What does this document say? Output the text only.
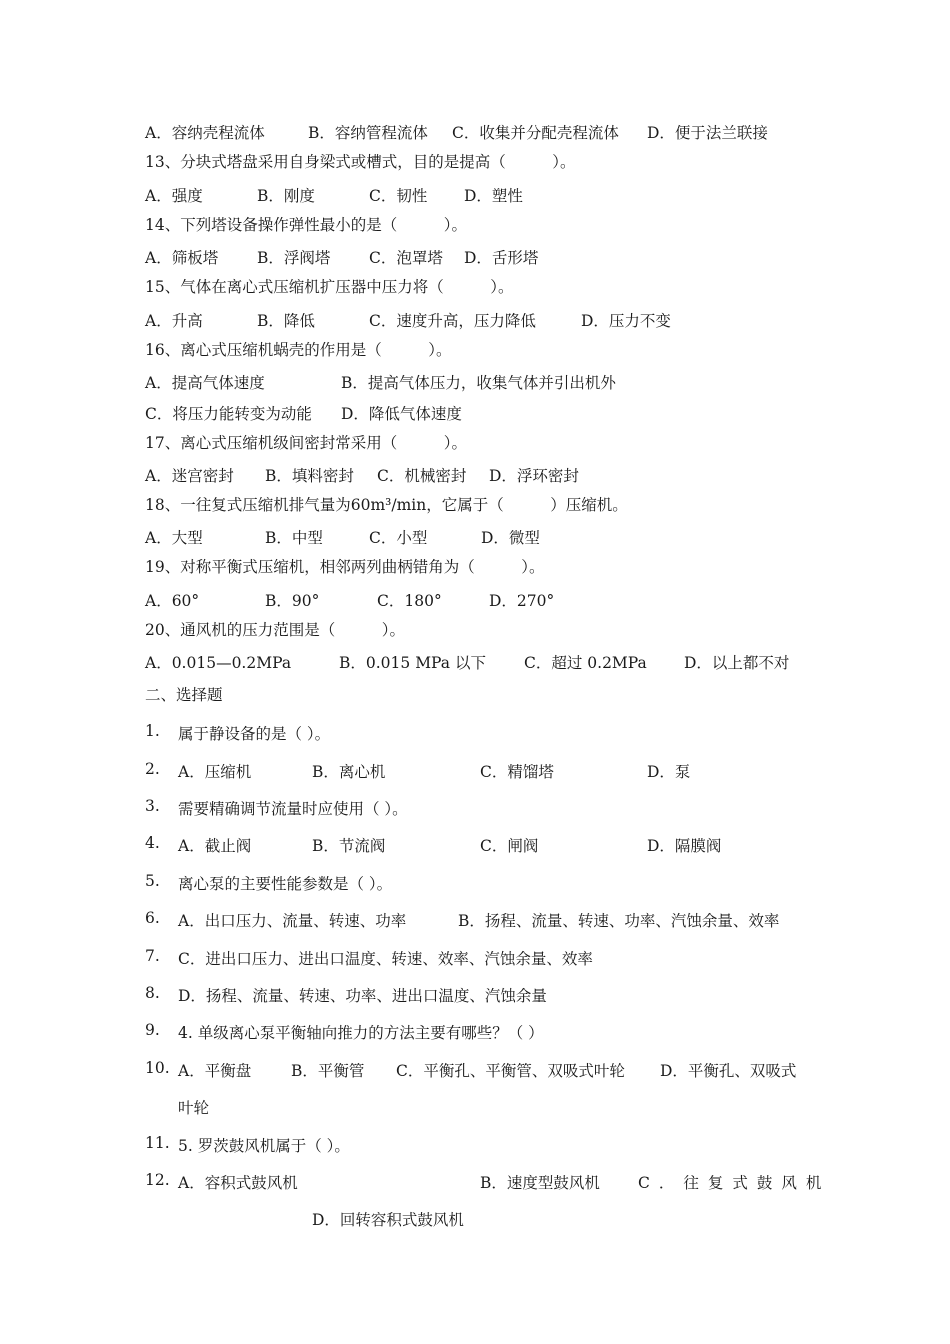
A．容纳壳程流体	B．容纳管程流体 C．收集并分配壳程流体 D．便于法兰联接
13、分块式塔盘采用自身梁式或槽式，目的是提高（　　　）。
A．强度	B．刚度	C．韧性 D．塑性
14、下列塔设备操作弹性最小的是（　　　）。
A．筛板塔	B．浮阀塔 C．泡罩塔 D．舌形塔
15、气体在离心式压缩机扩压器中压力将（　　　）。
A．升高	B．降低	C．速度升高，压力降低	D．压力不变
16、离心式压缩机蜗壳的作用是（　　　）。
A．提高气体速度	B．提高气体压力，收集气体并引出机外
C．将压力能转变为动能 D．降低气体速度
17、离心式压缩机级间密封常采用（　　　）。
A．迷宫密封 B．填料密封 C．机械密封 D．浮环密封
18、一往复式压缩机排气量为60m³/min，它属于（　　　）压缩机。
A．大型	B．中型	C．小型	D．微型
19、对称平衡式压缩机，相邻两列曲柄错角为（　　　）。
A．60°	B．90°	C．180°	D．270°
20、通风机的压力范围是（　　　）。
A．0.015—0.2MPa	B．0.015 MPa 以下 C．超过 0.2MPa D．以上都不对
二、选择题
1. 属于静设备的是（ ）。
2. A．压缩机	B．离心机	C．精馏塔	D．泵
3. 需要精确调节流量时应使用（ ）。
4. A．截止阀	B．节流阀	C．闸阀	D．隔膜阀
5. 离心泵的主要性能参数是（ ）。
6. A．出口压力、流量、转速、功率	B．扬程、流量、转速、功率、汽蚀余量、效率
7. C．进出口压力、进出口温度、转速、效率、汽蚀余量、效率
8. D．扬程、流量、转速、功率、进出口温度、汽蚀余量
9. 4. 单级离心泵平衡轴向推力的方法主要有哪些？（ ）
10. A．平衡盘	B．平衡管 C．平衡孔、平衡管、双吸式叶轮 D．平衡孔、双吸式
叶轮
11. 5. 罗茨鼓风机属于（ ）。
12. A．容积式鼓风机	B．速度型鼓风机 C．往复式鼓风机
D．回转容积式鼓风机
